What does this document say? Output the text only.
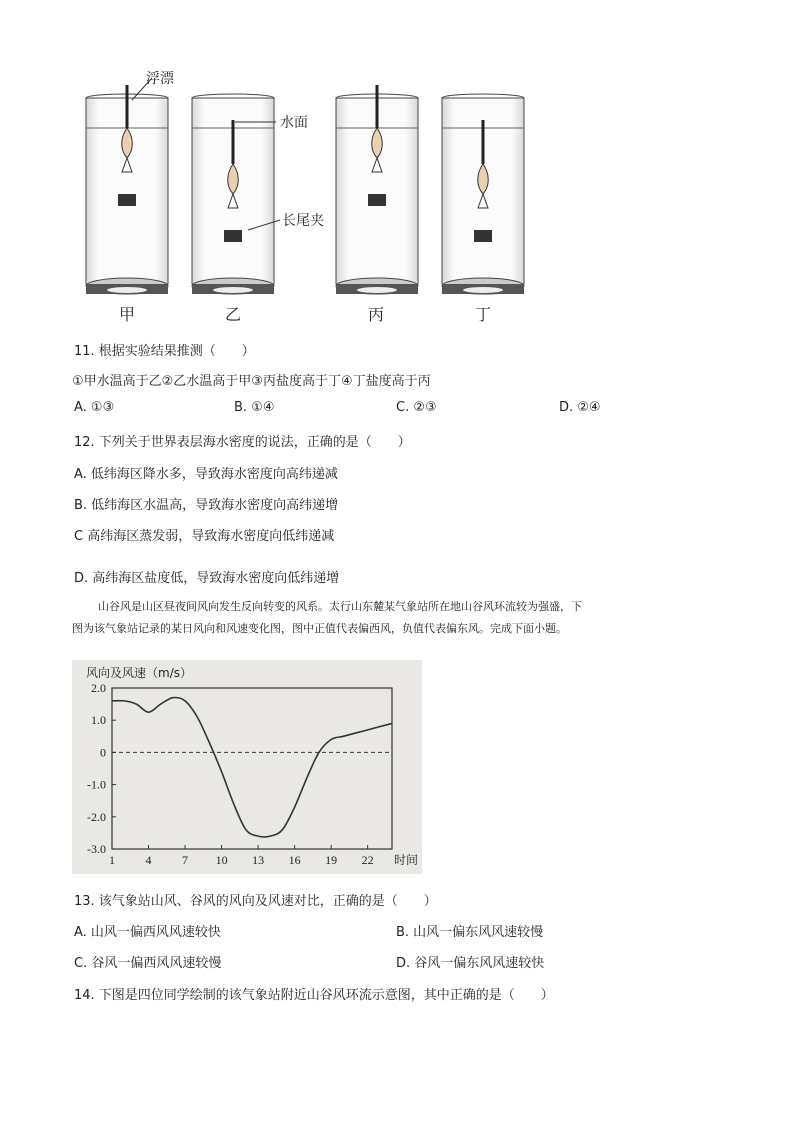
浮漂
水面
长尾夹
甲	乙	丙	丁
11. 根据实验结果推测（　　）
①甲水温高于乙②乙水温高于甲③丙盐度高于丁④丁盐度高于丙
A. ①③	B. ①④	C. ②③	D. ②④
12. 下列关于世界表层海水密度的说法，正确的是（　　）
A. 低纬海区降水多，导致海水密度向高纬递减
B. 低纬海区水温高，导致海水密度向高纬递增
C 高纬海区蒸发弱，导致海水密度向低纬递减
D. 高纬海区盐度低，导致海水密度向低纬递增
山谷风是山区昼夜间风向发生反向转变的风系。太行山东麓某气象站所在地山谷风环流较为强盛，下
图为该气象站记录的某日风向和风速变化图，图中正值代表偏西风，负值代表偏东风。完成下面小题。
2.0
1.0
0
-1.0
-2.0
-3.0
1	4	7 10 13 16 19 22 时间
风向及风速（m/s）
13. 该气象站山风、谷风的风向及风速对比，正确的是（　　）
A. 山风一偏西风风速较快	B. 山风一偏东风风速较慢
C. 谷风一偏西风风速较慢	D. 谷风一偏东风风速较快
14. 下图是四位同学绘制的该气象站附近山谷风环流示意图，其中正确的是（　　）
